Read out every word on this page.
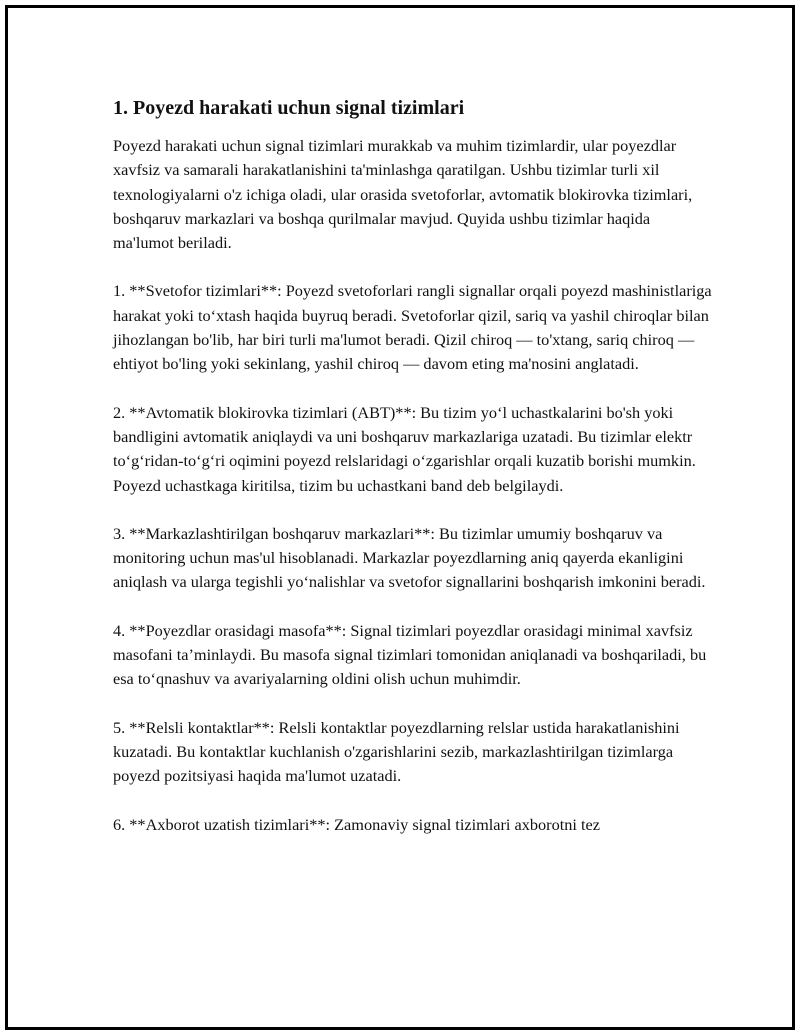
1. Poyezd harakati uchun signal tizimlari

Poyezd harakati uchun signal tizimlari murakkab va muhim tizimlardir, ular poyezdlar xavfsiz va samarali harakatlanishini ta'minlashga qaratilgan. Ushbu tizimlar turli xil texnologiyalarni o'z ichiga oladi, ular orasida svetoforlar, avtomatik blokirovka tizimlari, boshqaruv markazlari va boshqa qurilmalar mavjud. Quyida ushbu tizimlar haqida ma'lumot beriladi.

1. **Svetofor tizimlari**: Poyezd svetoforlari rangli signallar orqali poyezd mashinistlariga harakat yoki to‘xtash haqida buyruq beradi. Svetoforlar qizil, sariq va yashil chiroqlar bilan jihozlangan bo'lib, har biri turli ma'lumot beradi. Qizil chiroq — to'xtang, sariq chiroq — ehtiyot bo'ling yoki sekinlang, yashil chiroq — davom eting ma'nosini anglatadi.

2. **Avtomatik blokirovka tizimlari (ABT)**: Bu tizim yo‘l uchastkalarini bo'sh yoki bandligini avtomatik aniqlaydi va uni boshqaruv markazlariga uzatadi. Bu tizimlar elektr to‘g‘ridan-to‘g‘ri oqimini poyezd relslaridagi o‘zgarishlar orqali kuzatib borishi mumkin. Poyezd uchastkaga kiritilsa, tizim bu uchastkani band deb belgilaydi.

3. **Markazlashtirilgan boshqaruv markazlari**: Bu tizimlar umumiy boshqaruv va monitoring uchun mas'ul hisoblanadi. Markazlar poyezdlarning aniq qayerda ekanligini aniqlash va ularga tegishli yo‘nalishlar va svetofor signallarini boshqarish imkonini beradi.

4. **Poyezdlar orasidagi masofa**: Signal tizimlari poyezdlar orasidagi minimal xavfsiz masofani ta’minlaydi. Bu masofa signal tizimlari tomonidan aniqlanadi va boshqariladi, bu esa to‘qnashuv va avariyalarning oldini olish uchun muhimdir.

5. **Relsli kontaktlar**: Relsli kontaktlar poyezdlarning relslar ustida harakatlanishini kuzatadi. Bu kontaktlar kuchlanish o'zgarishlarini sezib, markazlashtirilgan tizimlarga poyezd pozitsiyasi haqida ma'lumot uzatadi.

6. **Axborot uzatish tizimlari**: Zamonaviy signal tizimlari axborotni tez
